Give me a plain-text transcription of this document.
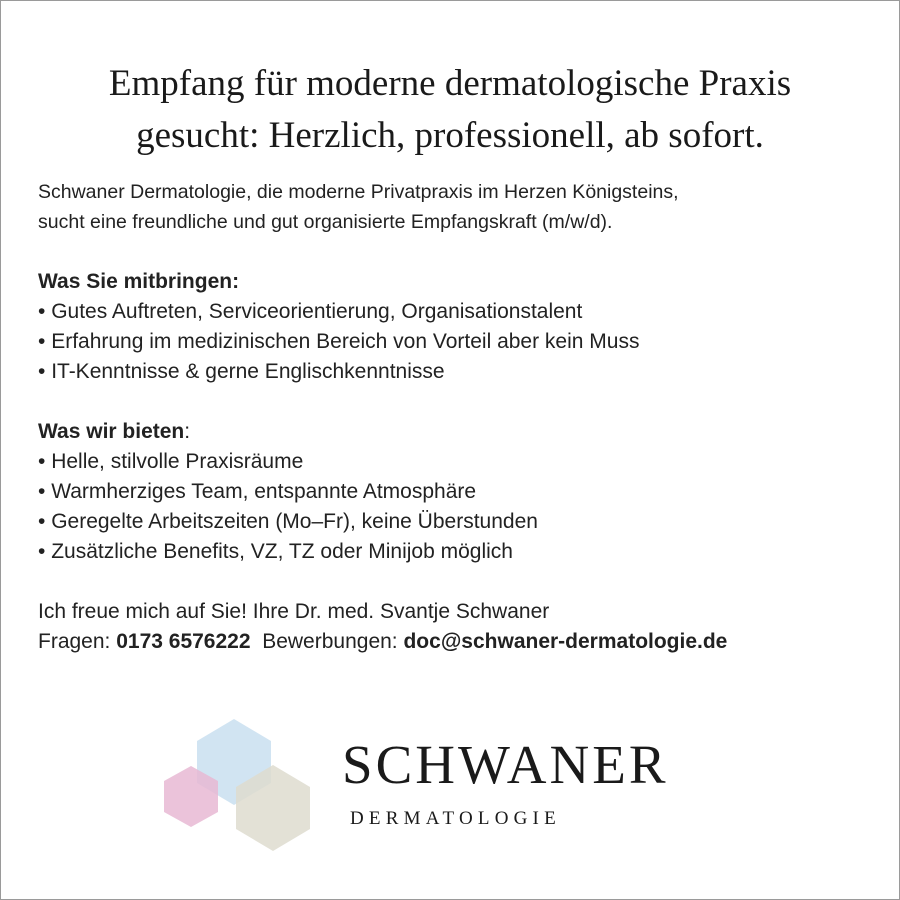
Empfang für moderne dermatologische Praxis
gesucht: Herzlich, professionell, ab sofort.

Schwaner Dermatologie, die moderne Privatpraxis im Herzen Königsteins,

sucht eine freundliche und gut organisierte Empfangskraft (m/w/d).

Was Sie mitbringen:

• Gutes Auftreten, Serviceorientierung, Organisationstalent

• Erfahrung im medizinischen Bereich von Vorteil aber kein Muss

• IT-Kenntnisse & gerne Englischkenntnisse

Was wir bieten:

• Helle, stilvolle Praxisräume

• Warmherziges Team, entspannte Atmosphäre

• Geregelte Arbeitszeiten (Mo–Fr), keine Überstunden

• Zusätzliche Benefits, VZ, TZ oder Minijob möglich

Ich freue mich auf Sie! Ihre Dr. med. Svantje Schwaner

Fragen: 0173 6576222 Bewerbungen: doc@schwaner-dermatologie.de

SCHWANER
DERMATOLOGIE
